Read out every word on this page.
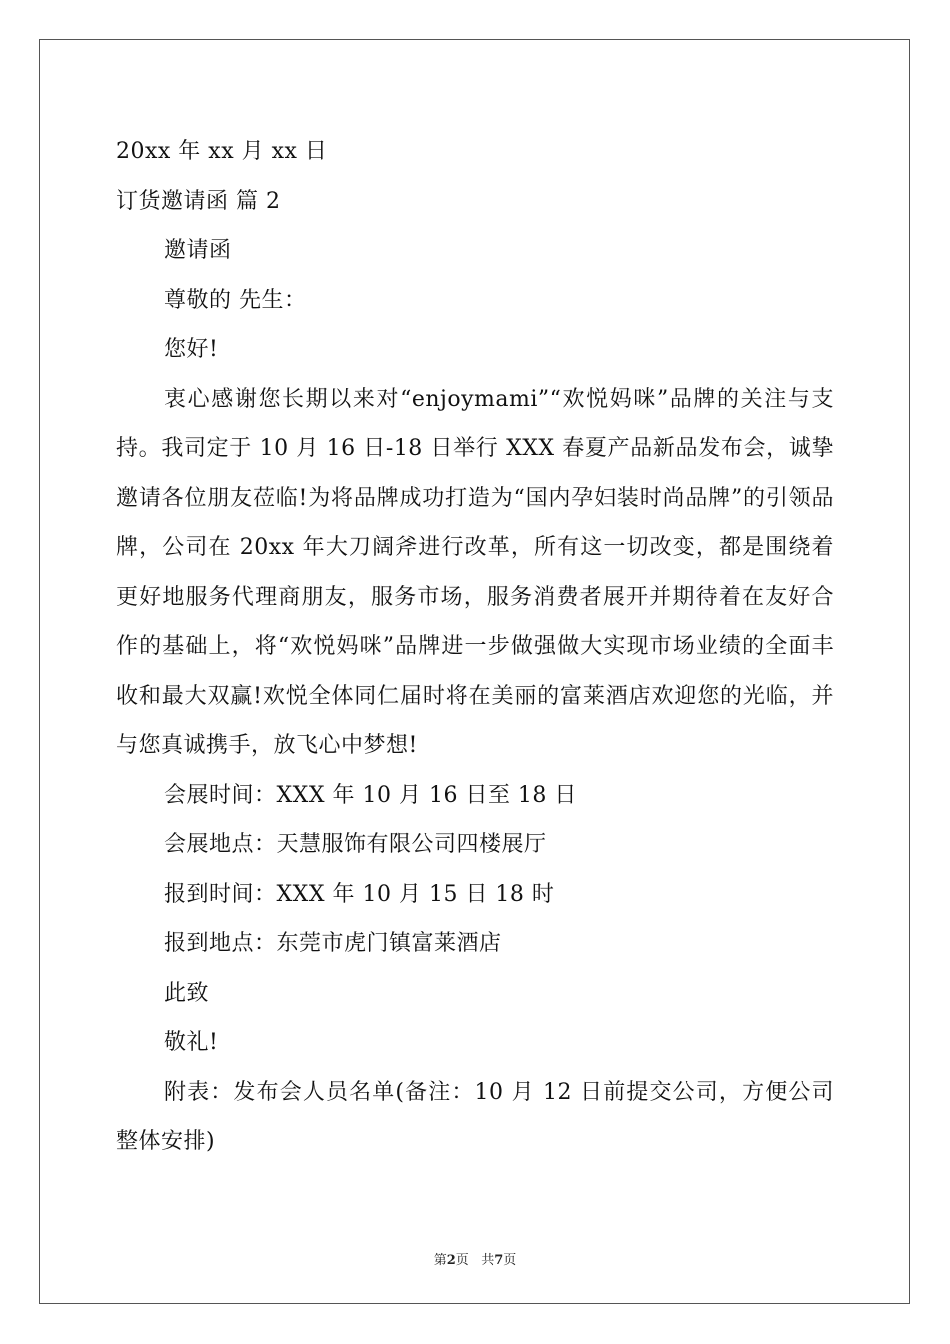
20xx 年 xx 月 xx 日
订货邀请函 篇 2
邀请函
尊敬的 先生：
您好!
衷心感谢您长期以来对“enjoymami”“欢悦妈咪”品牌的关注与支持。我司定于 10 月 16 日-18 日举行 XXX 春夏产品新品发布会，诚挚邀请各位朋友莅临!为将品牌成功打造为“国内孕妇装时尚品牌”的引领品牌，公司在 20xx 年大刀阔斧进行改革，所有这一切改变，都是围绕着更好地服务代理商朋友，服务市场，服务消费者展开并期待着在友好合作的基础上，将“欢悦妈咪”品牌进一步做强做大实现市场业绩的全面丰收和最大双赢!欢悦全体同仁届时将在美丽的富莱酒店欢迎您的光临，并与您真诚携手，放飞心中梦想!
会展时间：XXX 年 10 月 16 日至 18 日
会展地点：天慧服饰有限公司四楼展厅
报到时间：XXX 年 10 月 15 日 18 时
报到地点：东莞市虎门镇富莱酒店
此致
敬礼!
附表：发布会人员名单(备注：10 月 12 日前提交公司，方便公司整体安排)
第2页 共7页
